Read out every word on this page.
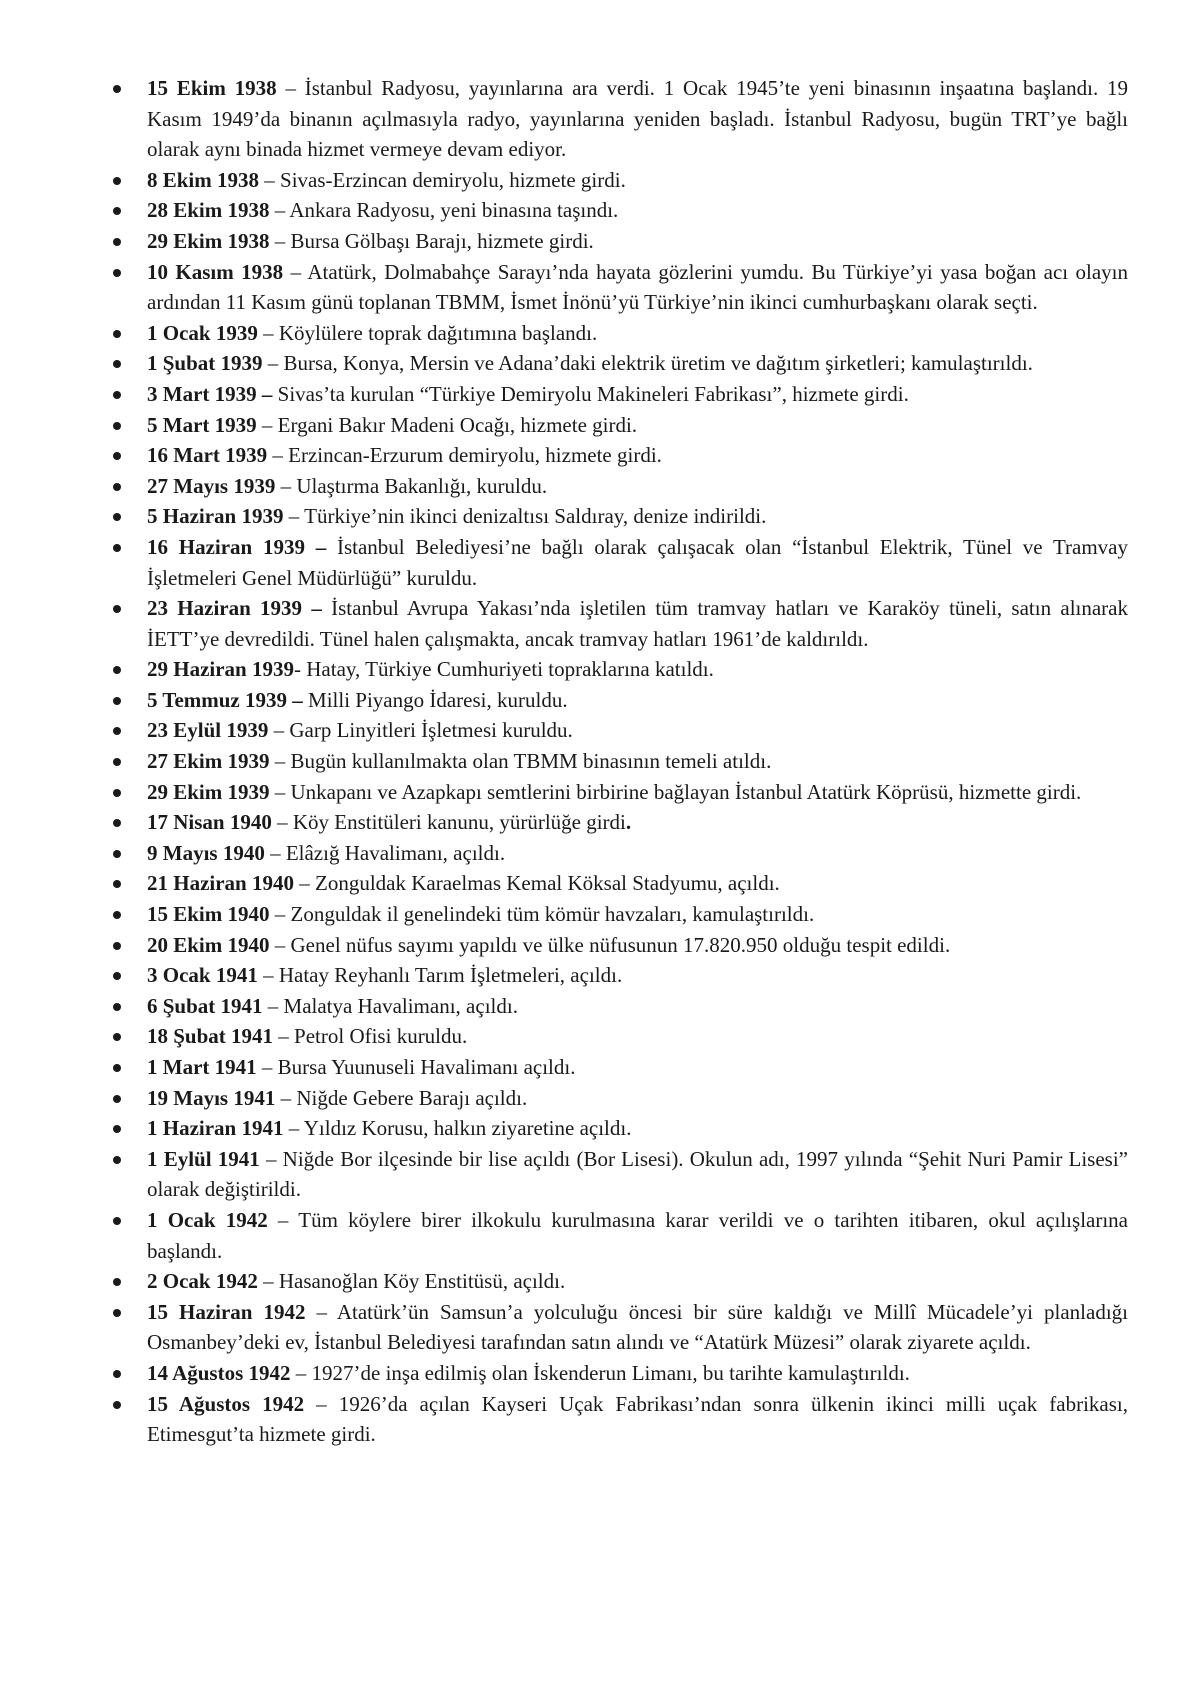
15 Ekim 1938 – İstanbul Radyosu, yayınlarına ara verdi. 1 Ocak 1945’te yeni binasının inşaatına başlandı. 19 Kasım 1949’da binanın açılmasıyla radyo, yayınlarına yeniden başladı. İstanbul Radyosu, bugün TRT’ye bağlı olarak aynı binada hizmet vermeye devam ediyor.
8 Ekim 1938 – Sivas-Erzincan demiryolu, hizmete girdi.
28 Ekim 1938 – Ankara Radyosu, yeni binasına taşındı.
29 Ekim 1938 – Bursa Gölbaşı Barajı, hizmete girdi.
10 Kasım 1938 – Atatürk, Dolmabahçe Sarayı’nda hayata gözlerini yumdu. Bu Türkiye’yi yasa boğan acı olayın ardından 11 Kasım günü toplanan TBMM, İsmet İnönü’yü Türkiye’nin ikinci cumhurbaşkanı olarak seçti.
1 Ocak 1939 – Köylülere toprak dağıtımına başlandı.
1 Şubat 1939 – Bursa, Konya, Mersin ve Adana’daki elektrik üretim ve dağıtım şirketleri; kamulaştırıldı.
3 Mart 1939 – Sivas’ta kurulan “Türkiye Demiryolu Makineleri Fabrikası”, hizmete girdi.
5 Mart 1939 – Ergani Bakır Madeni Ocağı, hizmete girdi.
16 Mart 1939 – Erzincan-Erzurum demiryolu, hizmete girdi.
27 Mayıs 1939 – Ulaştırma Bakanlığı, kuruldu.
5 Haziran 1939 – Türkiye’nin ikinci denizaltısı Saldıray, denize indirildi.
16 Haziran 1939 – İstanbul Belediyesi’ne bağlı olarak çalışacak olan “İstanbul Elektrik, Tünel ve Tramvay İşletmeleri Genel Müdürlüğü” kuruldu.
23 Haziran 1939 – İstanbul Avrupa Yakası’nda işletilen tüm tramvay hatları ve Karaköy tüneli, satın alınarak İETT’ye devredildi. Tünel halen çalışmakta, ancak tramvay hatları 1961’de kaldırıldı.
29 Haziran 1939- Hatay, Türkiye Cumhuriyeti topraklarına katıldı.
5 Temmuz 1939 – Milli Piyango İdaresi, kuruldu.
23 Eylül 1939 – Garp Linyitleri İşletmesi kuruldu.
27 Ekim 1939 – Bugün kullanılmakta olan TBMM binasının temeli atıldı.
29 Ekim 1939 – Unkapanı ve Azapkapı semtlerini birbirine bağlayan İstanbul Atatürk Köprüsü, hizmette girdi.
17 Nisan 1940 – Köy Enstitüleri kanunu, yürürlüğe girdi.
9 Mayıs 1940 – Elâzığ Havalimanı, açıldı.
21 Haziran 1940 – Zonguldak Karaelmas Kemal Köksal Stadyumu, açıldı.
15 Ekim 1940 – Zonguldak il genelindeki tüm kömür havzaları, kamulaştırıldı.
20 Ekim 1940 – Genel nüfus sayımı yapıldı ve ülke nüfusunun 17.820.950 olduğu tespit edildi.
3 Ocak 1941 – Hatay Reyhanlı Tarım İşletmeleri, açıldı.
6 Şubat 1941 – Malatya Havalimanı, açıldı.
18 Şubat 1941 – Petrol Ofisi kuruldu.
1 Mart 1941 – Bursa Yuunuseli Havalimanı açıldı.
19 Mayıs 1941 – Niğde Gebere Barajı açıldı.
1 Haziran 1941 – Yıldız Korusu, halkın ziyaretine açıldı.
1 Eylül 1941 – Niğde Bor ilçesinde bir lise açıldı (Bor Lisesi). Okulun adı, 1997 yılında “Şehit Nuri Pamir Lisesi” olarak değiştirildi.
1 Ocak 1942 – Tüm köylere birer ilkokulu kurulmasına karar verildi ve o tarihten itibaren, okul açılışlarına başlandı.
2 Ocak 1942 – Hasanoğlan Köy Enstitüsü, açıldı.
15 Haziran 1942 – Atatürk’ün Samsun’a yolculuğu öncesi bir süre kaldığı ve Millî Mücadele’yi planladığı Osmanbey’deki ev, İstanbul Belediyesi tarafından satın alındı ve “Atatürk Müzesi” olarak ziyarete açıldı.
14 Ağustos 1942 – 1927’de inşa edilmiş olan İskenderun Limanı, bu tarihte kamulaştırıldı.
15 Ağustos 1942 – 1926’da açılan Kayseri Uçak Fabrikası’ndan sonra ülkenin ikinci milli uçak fabrikası, Etimesgut’ta hizmete girdi.
